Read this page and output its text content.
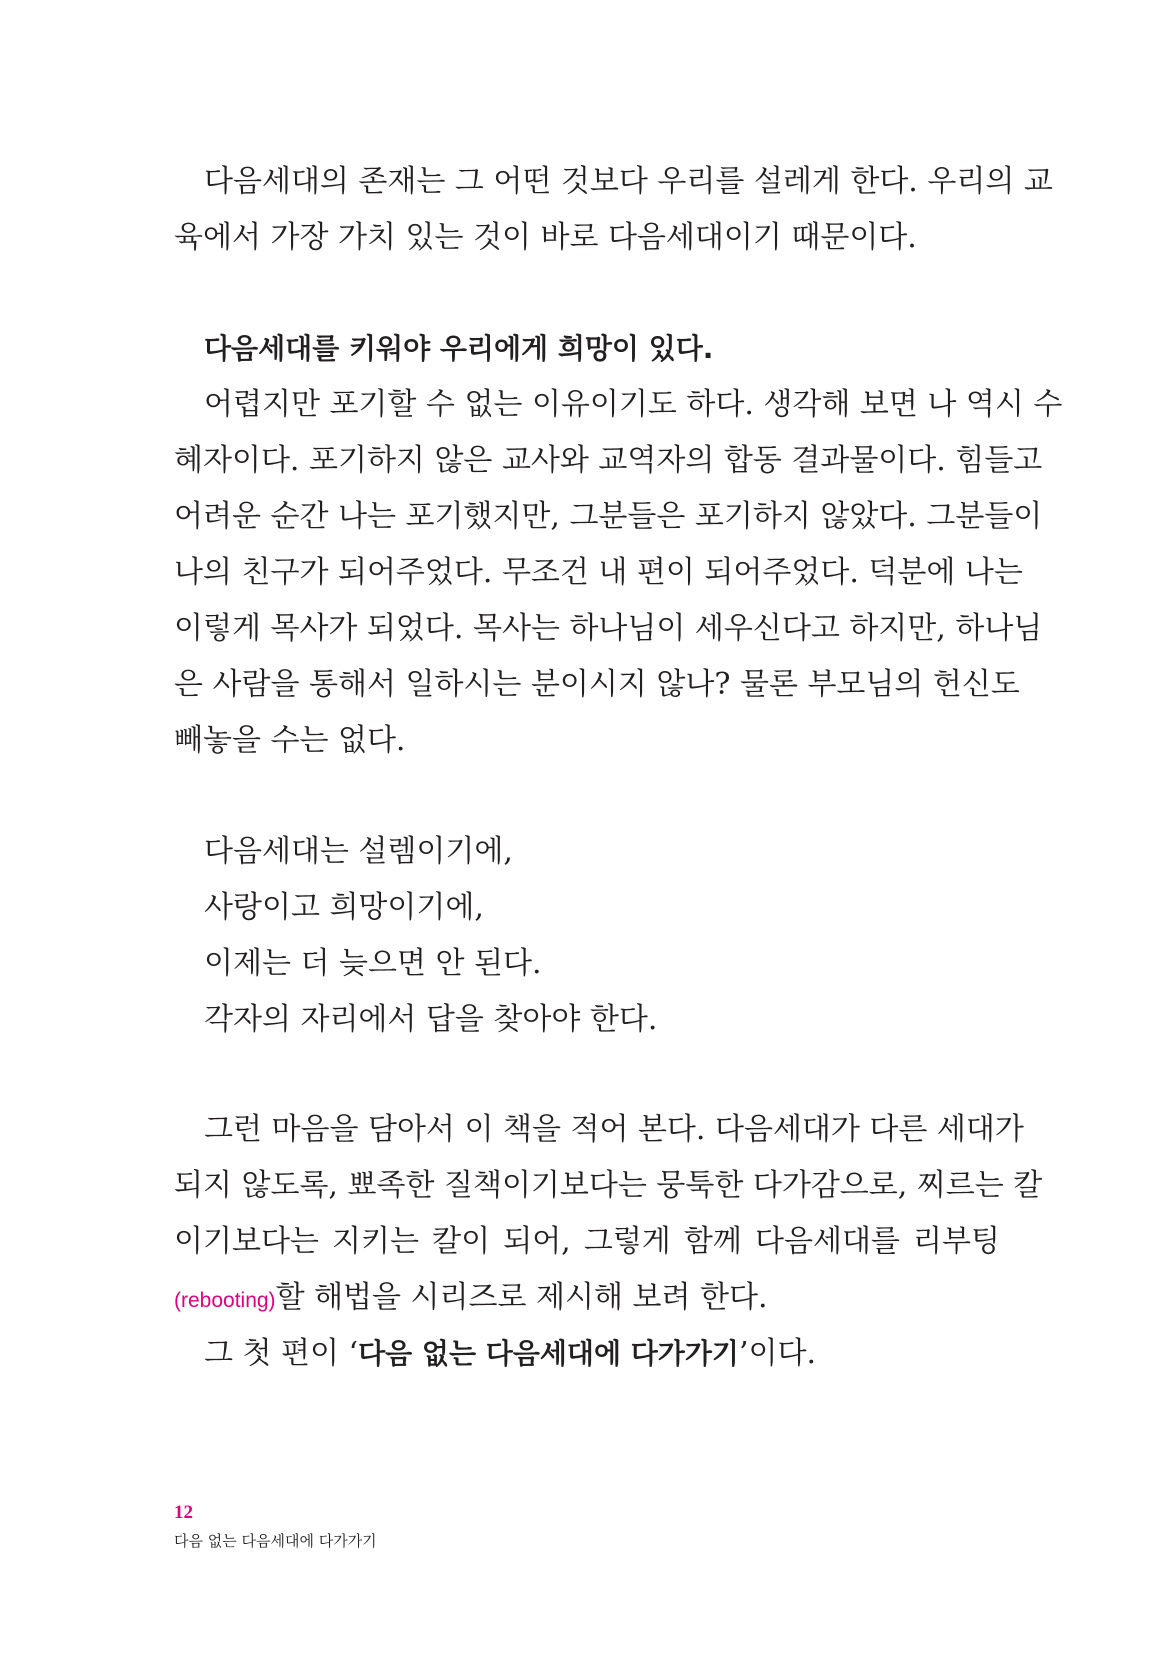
다음세대의 존재는 그 어떤 것보다 우리를 설레게 한다. 우리의 교
육에서 가장 가치 있는 것이 바로 다음세대이기 때문이다.
다음세대를 키워야 우리에게 희망이 있다.
어렵지만 포기할 수 없는 이유이기도 하다. 생각해 보면 나 역시 수
혜자이다. 포기하지 않은 교사와 교역자의 합동 결과물이다. 힘들고
어려운 순간 나는 포기했지만, 그분들은 포기하지 않았다. 그분들이
나의 친구가 되어주었다. 무조건 내 편이 되어주었다. 덕분에 나는
이렇게 목사가 되었다. 목사는 하나님이 세우신다고 하지만, 하나님
은 사람을 통해서 일하시는 분이시지 않나? 물론 부모님의 헌신도
빼놓을 수는 없다.
다음세대는 설렘이기에,
사랑이고 희망이기에,
이제는 더 늦으면 안 된다.
각자의 자리에서 답을 찾아야 한다.
그런 마음을 담아서 이 책을 적어 본다. 다음세대가 다른 세대가
되지 않도록, 뾰족한 질책이기보다는 뭉툭한 다가감으로, 찌르는 칼
이기보다는 지키는 칼이 되어, 그렇게 함께 다음세대를 리부팅
(rebooting)할 해법을 시리즈로 제시해 보려 한다.
그 첫 편이 ‘다음 없는 다음세대에 다가가기’이다.
12
다음 없는 다음세대에 다가가기
